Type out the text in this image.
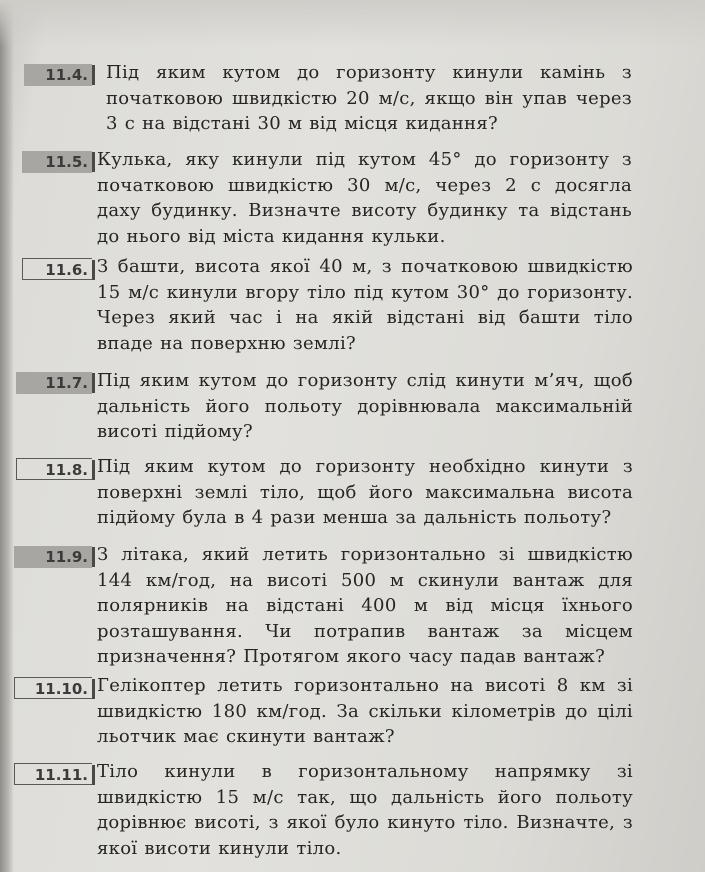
11.4. Під яким кутом до горизонту кинули камінь з початковою швидкістю 20 м/с, якщо він упав через 3 с на відстані 30 м від місця кидання?
11.5. Кулька, яку кинули під кутом 45° до горизонту з початковою швидкістю 30 м/с, через 2 с досягла даху будинку. Визначте висоту будинку та відстань до нього від міста кидання кульки.
11.6. З башти, висота якої 40 м, з початковою швидкістю 15 м/с кинули вгору тіло під кутом 30° до горизонту. Через який час і на якій відстані від башти тіло впаде на поверхню землі?
11.7. Під яким кутом до горизонту слід кинути м’яч, щоб дальність його польоту дорівнювала максимальній висоті підйому?
11.8. Під яким кутом до горизонту необхідно кинути з поверхні землі тіло, щоб його максимальна висота підйому була в 4 рази менша за дальність польоту?
11.9. З літака, який летить горизонтально зі швидкістю 144 км/год, на висоті 500 м скинули вантаж для полярників на відстані 400 м від місця їхнього розташування. Чи потрапив вантаж за місцем призначення? Протягом якого часу падав вантаж?
11.10. Гелікоптер летить горизонтально на висоті 8 км зі швидкістю 180 км/год. За скільки кілометрів до цілі льотчик має скинути вантаж?
11.11. Тіло кинули в горизонтальному напрямку зі швидкістю 15 м/с так, що дальність його польоту дорівнює висоті, з якої було кинуто тіло. Визначте, з якої висоти кинули тіло.
